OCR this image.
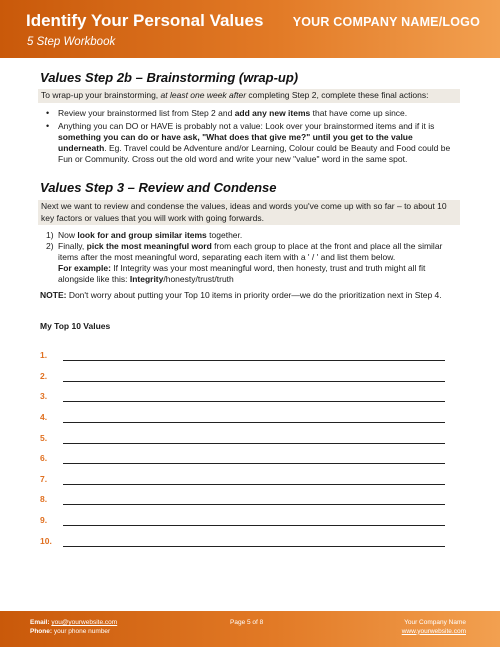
Identify Your Personal Values
5 Step Workbook
YOUR COMPANY NAME/LOGO
Values Step 2b – Brainstorming (wrap-up)
To wrap-up your brainstorming, at least one week after completing Step 2, complete these final actions:
• Review your brainstormed list from Step 2 and add any new items that have come up since.
• Anything you can DO or HAVE is probably not a value: Look over your brainstormed items and if it is something you can do or have ask, "What does that give me?" until you get to the value underneath. Eg. Travel could be Adventure and/or Learning, Colour could be Beauty and Food could be Fun or Community. Cross out the old word and write your new "value" word in the same spot.
Values Step 3 – Review and Condense
Next we want to review and condense the values, ideas and words you've come up with so far – to about 10 key factors or values that you will work with going forwards.
1) Now look for and group similar items together.
2) Finally, pick the most meaningful word from each group to place at the front and place all the similar items after the most meaningful word, separating each item with a ' / ' and list them below.
For example: If Integrity was your most meaningful word, then honesty, trust and truth might all fit alongside like this: Integrity/honesty/trust/truth
NOTE: Don't worry about putting your Top 10 items in priority order—we do the prioritization next in Step 4.
My Top 10 Values
1.
2.
3.
4.
5.
6.
7.
8.
9.
10.
Email: you@yourwebsite.com
Phone: your phone number
Page 5 of 8	Your Company Name
www.yourwebsite.com
